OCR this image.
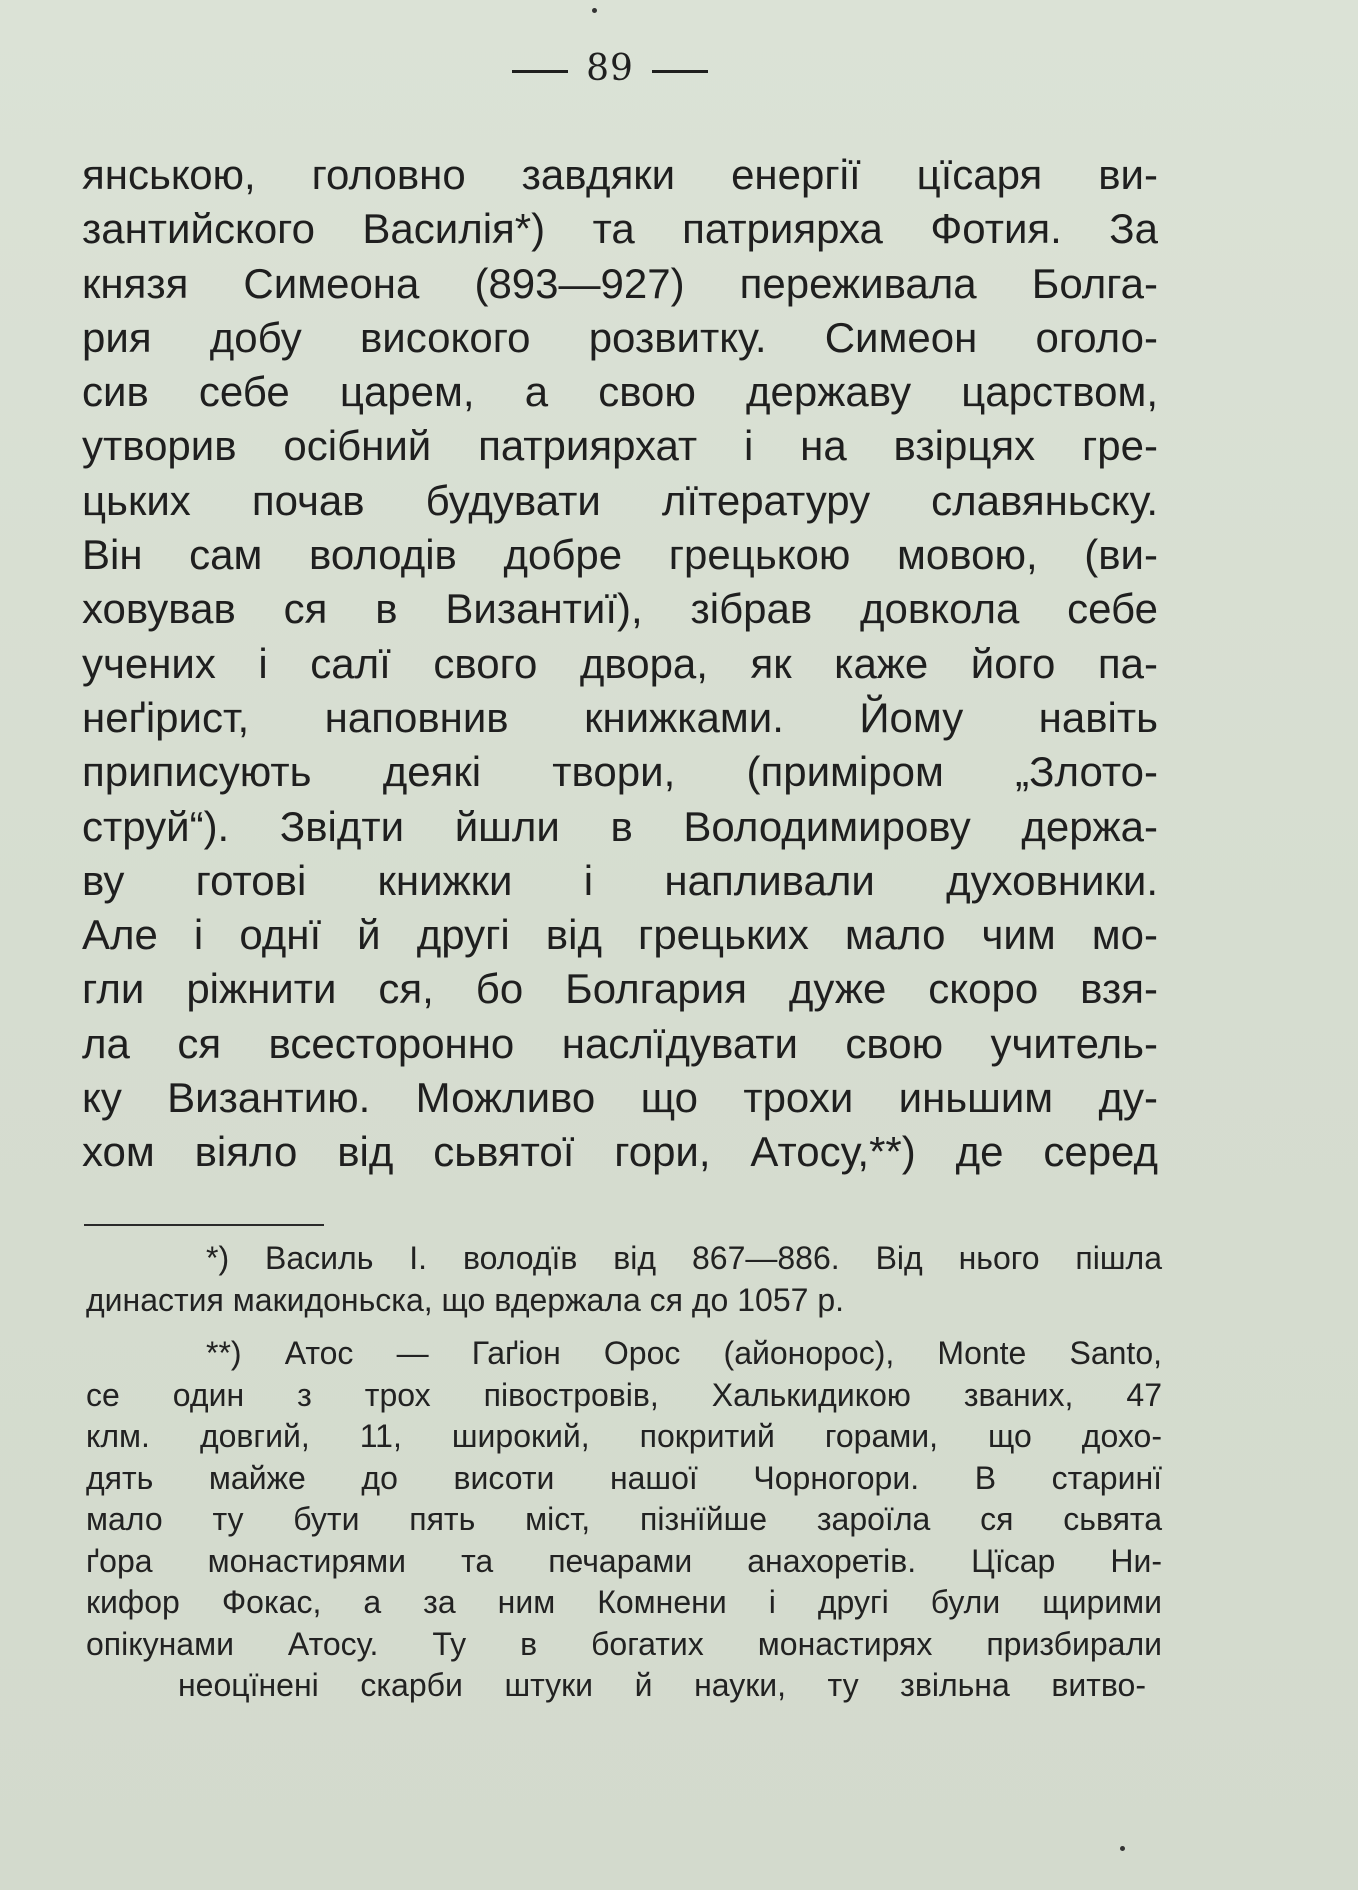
89
янськoю, головно завдяки енергії цїсаря ви-
зантийского Василія*) та патриярха Фотия. За
князя Симеона (893—927) переживала Болга-
рия добу високого розвитку. Симеон оголо-
сив себе царем, а свою державу царством,
утворив осібний патриярхат і на взірцях гре-
цьких почав будувати лїтературу славяньску.
Він сам володів добре грецькою мовою, (ви-
ховував ся в Византиї), зібрав довкола себе
учених і салї свого двора, як каже його па-
неґірист, наповнив книжками. Йому навіть
приписують деякі твори, (приміром „Злото-
струй“). Звідти йшли в Володимирову держа-
ву готові книжки і напливали духовники.
Але і однї й другі від грецьких мало чим мо-
гли ріжнити ся, бо Болгария дуже скоро взя-
ла ся всесторонно наслїдувати свою учитель-
ку Византию. Можливо що трохи иньшим ду-
хом віяло від сьвятої гори, Атосу,**) де серед
*) Василь І. володїв від 867—886. Від нього пішла
династия макидоньска, що вдержала ся до 1057 р.
**) Атос — Гаґіон Орос (айонорос), Monte Santo,
се один з трох півостровів, Халькидикою званих, 47
клм. довгий, 11, широкий, покритий горами, що дохо-
дять майже до висоти нашої Чорногори. В старинї
мало ту бути пять міст, пізнїйше зароїла ся сьвята
ґора монастирями та печарами анахоретів. Цїсар Ни-
кифор Фокас, а за ним Комнени і другі були щирими
опікунами Атосу. Ту в богатих монастирях призбирали
неоцїнені скарби штуки й науки, ту звільна витво-
